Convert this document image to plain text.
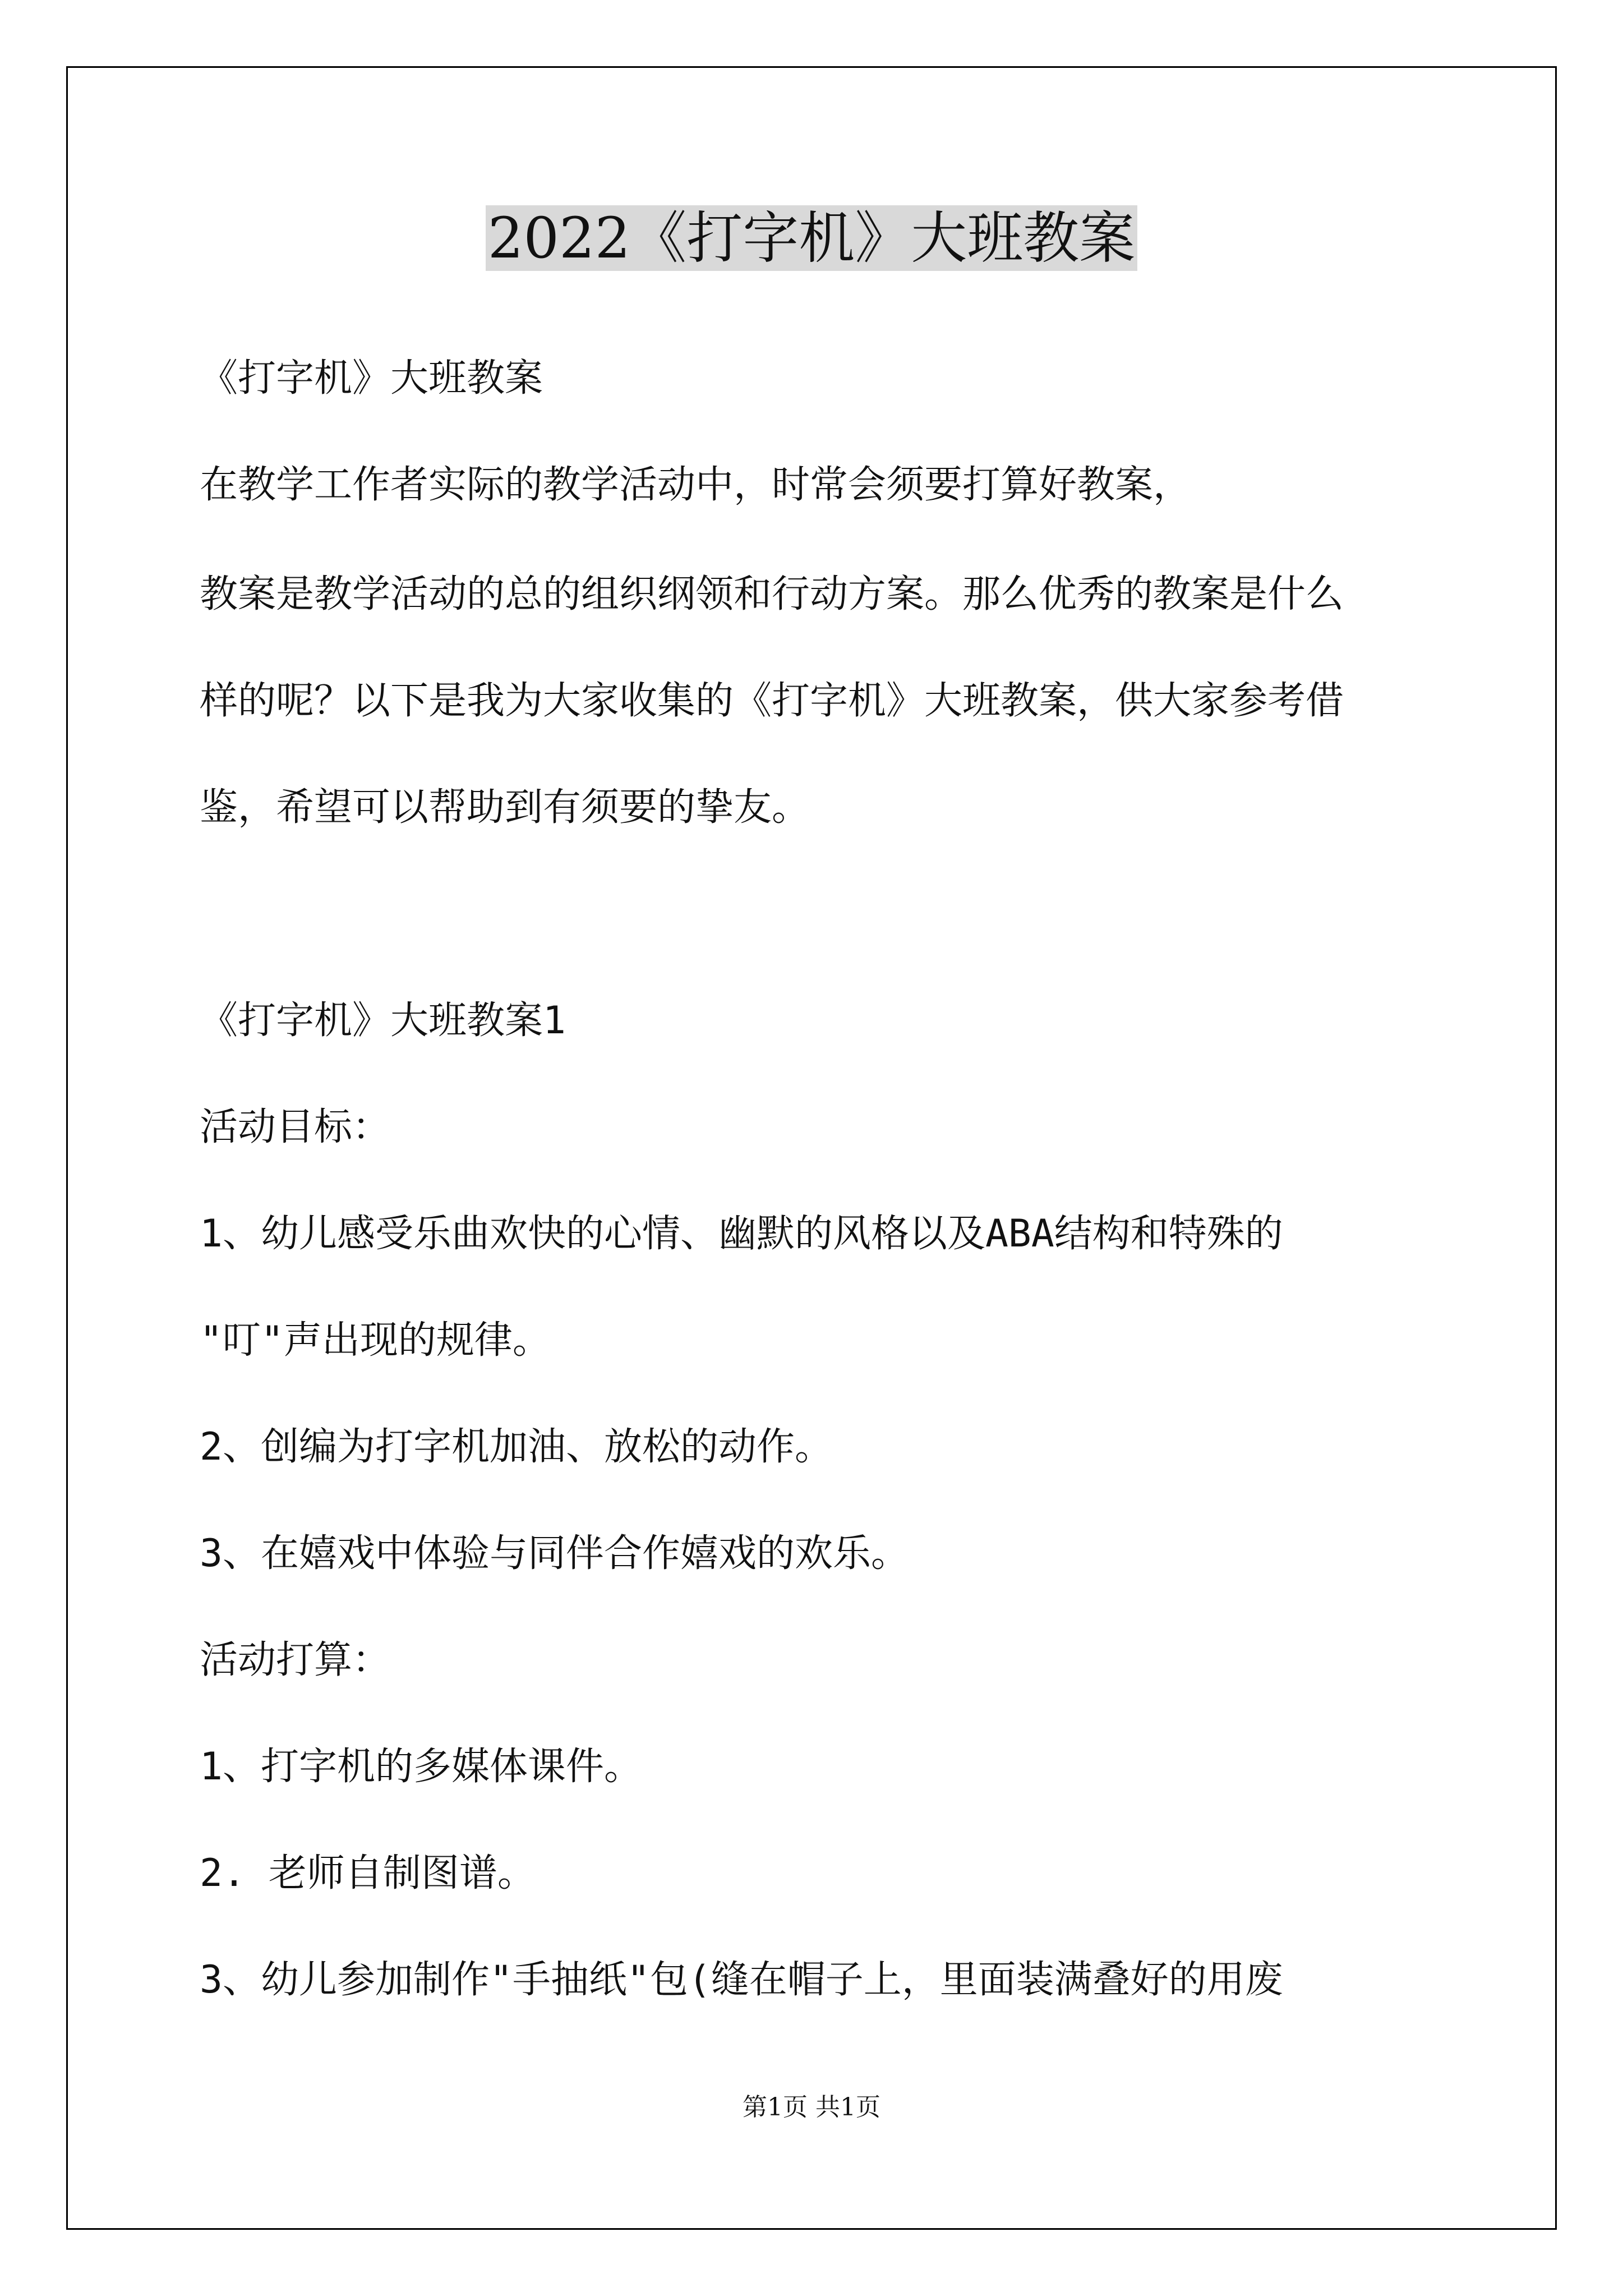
2022《打字机》大班教案
《打字机》大班教案
在教学工作者实际的教学活动中，时常会须要打算好教案，
教案是教学活动的总的组织纲领和行动方案。那么优秀的教案是什么
样的呢？以下是我为大家收集的《打字机》大班教案，供大家参考借
鉴，希望可以帮助到有须要的挚友。
《打字机》大班教案1
活动目标：
1、幼儿感受乐曲欢快的心情、幽默的风格以及ABA结构和特殊的
"叮"声出现的规律。
2、创编为打字机加油、放松的动作。
3、在嬉戏中体验与同伴合作嬉戏的欢乐。
活动打算：
1、打字机的多媒体课件。
2. 老师自制图谱。
3、幼儿参加制作"手抽纸"包(缝在帽子上，里面装满叠好的用废
第1页 共1页
